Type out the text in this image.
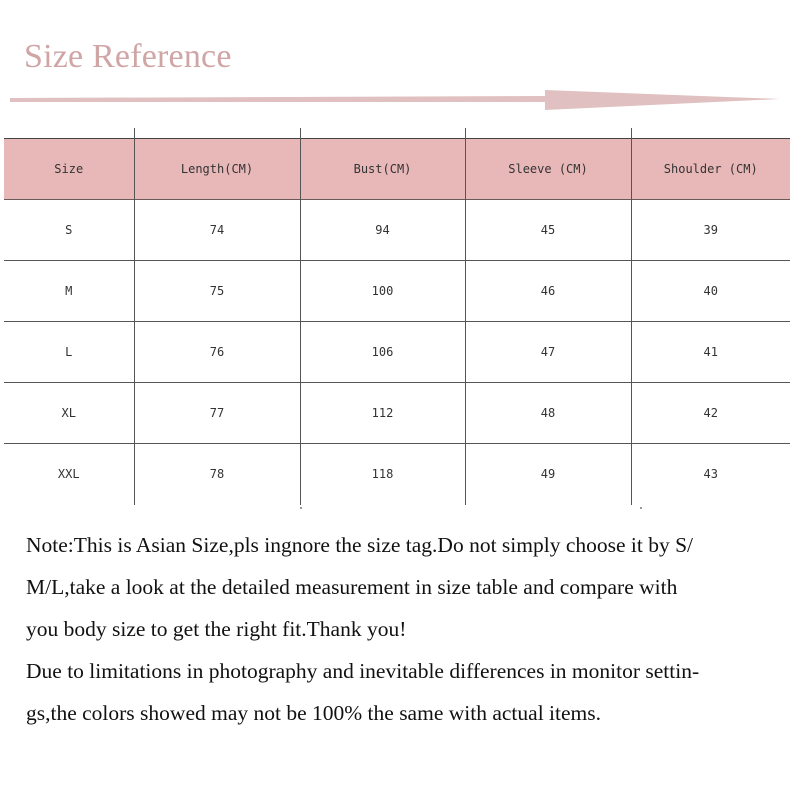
Size Reference
Size	Length(CM)	Bust(CM)	Sleeve (CM)	Shoulder (CM)
S	74	94	45	39
M	75	100	46	40
L	76	106	47	41
XL	77	112	48	42
XXL	78	118	49	43
Note:This is Asian Size,pls ingnore the size tag.Do not simply choose it by S/
M/L,take a look at the detailed measurement in size table and compare with
you body size to get the right fit.Thank you!
Due to limitations in photography and inevitable differences in monitor settin-
gs,the colors showed may not be 100% the same with actual items.
